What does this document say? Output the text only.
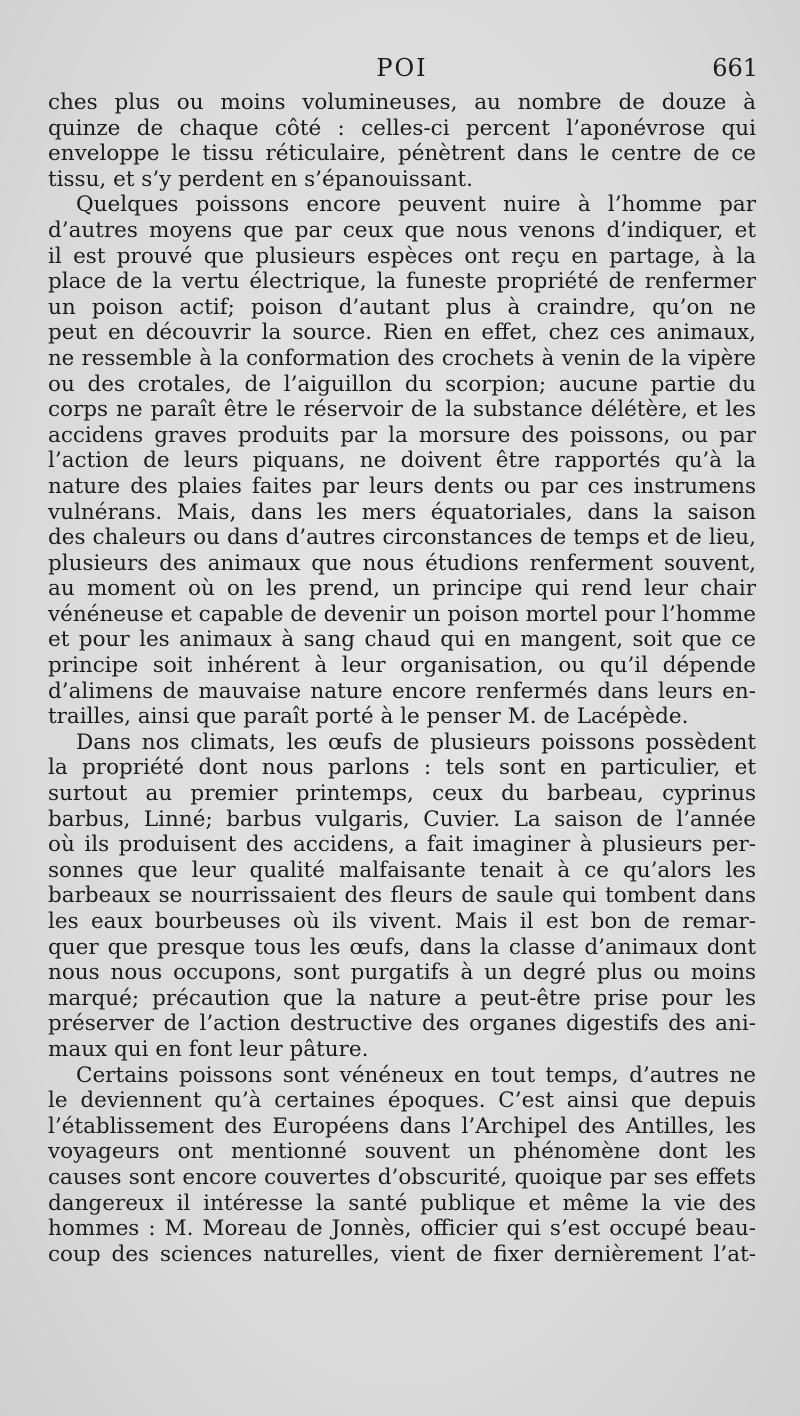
POI	661
ches plus ou moins volumineuses, au nombre de douze à
quinze de chaque côté : celles-ci percent l’aponévrose qui
enveloppe le tissu réticulaire, pénètrent dans le centre de ce
tissu, et s’y perdent en s’épanouissant.
Quelques poissons encore peuvent nuire à l’homme par
d’autres moyens que par ceux que nous venons d’indiquer, et
il est prouvé que plusieurs espèces ont reçu en partage, à la
place de la vertu électrique, la funeste propriété de renfermer
un poison actif; poison d’autant plus à craindre, qu’on ne
peut en découvrir la source. Rien en effet, chez ces animaux,
ne ressemble à la conformation des crochets à venin de la vipère
ou des crotales, de l’aiguillon du scorpion; aucune partie du
corps ne paraît être le réservoir de la substance délétère, et les
accidens graves produits par la morsure des poissons, ou par
l’action de leurs piquans, ne doivent être rapportés qu’à la
nature des plaies faites par leurs dents ou par ces instrumens
vulnérans. Mais, dans les mers équatoriales, dans la saison
des chaleurs ou dans d’autres circonstances de temps et de lieu,
plusieurs des animaux que nous étudions renferment souvent,
au moment où on les prend, un principe qui rend leur chair
vénéneuse et capable de devenir un poison mortel pour l’homme
et pour les animaux à sang chaud qui en mangent, soit que ce
principe soit inhérent à leur organisation, ou qu’il dépende
d’alimens de mauvaise nature encore renfermés dans leurs en-
trailles, ainsi que paraît porté à le penser M. de Lacépède.
Dans nos climats, les œufs de plusieurs poissons possèdent
la propriété dont nous parlons : tels sont en particulier, et
surtout au premier printemps, ceux du barbeau, cyprinus
barbus, Linné; barbus vulgaris, Cuvier. La saison de l’année
où ils produisent des accidens, a fait imaginer à plusieurs per-
sonnes que leur qualité malfaisante tenait à ce qu’alors les
barbeaux se nourrissaient des fleurs de saule qui tombent dans
les eaux bourbeuses où ils vivent. Mais il est bon de remar-
quer que presque tous les œufs, dans la classe d’animaux dont
nous nous occupons, sont purgatifs à un degré plus ou moins
marqué; précaution que la nature a peut-être prise pour les
préserver de l’action destructive des organes digestifs des ani-
maux qui en font leur pâture.
Certains poissons sont vénéneux en tout temps, d’autres ne
le deviennent qu’à certaines époques. C’est ainsi que depuis
l’établissement des Européens dans l’Archipel des Antilles, les
voyageurs ont mentionné souvent un phénomène dont les
causes sont encore couvertes d’obscurité, quoique par ses effets
dangereux il intéresse la santé publique et même la vie des
hommes : M. Moreau de Jonnès, officier qui s’est occupé beau-
coup des sciences naturelles, vient de fixer dernièrement l’at-
